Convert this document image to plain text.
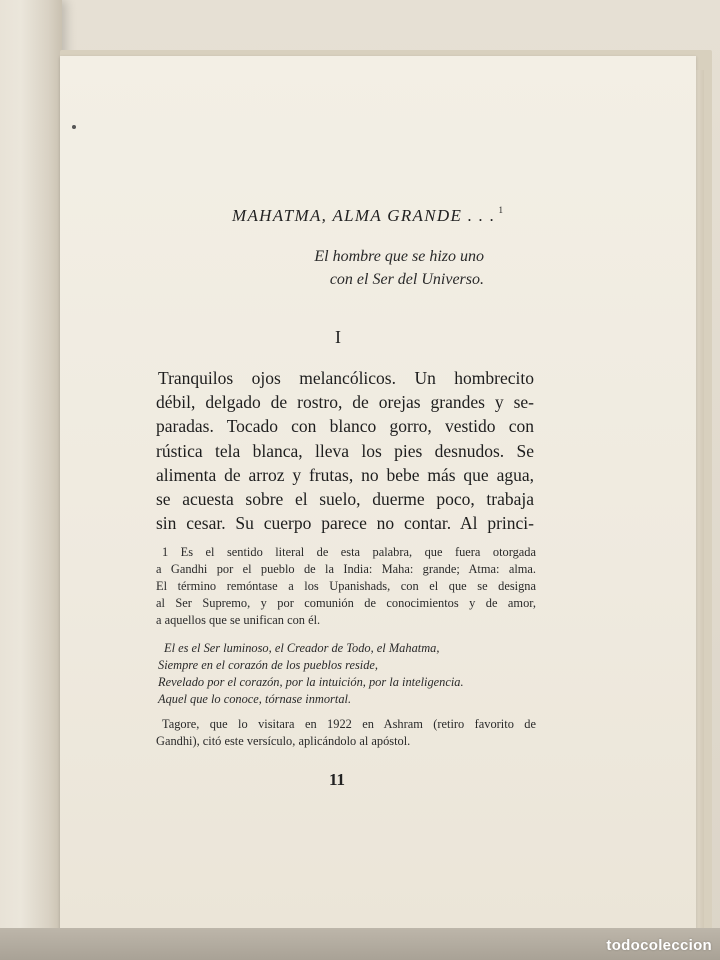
MAHATMA, ALMA GRANDE . . . $^1$
El hombre que se hizo uno
con el Ser del Universo.
I
Tranquilos ojos melancólicos. Un hombrecito
débil, delgado de rostro, de orejas grandes y se-
paradas. Tocado con blanco gorro, vestido con
rústica tela blanca, lleva los pies desnudos. Se
alimenta de arroz y frutas, no bebe más que agua,
se acuesta sobre el suelo, duerme poco, trabaja
sin cesar. Su cuerpo parece no contar. Al princi-
1 Es el sentido literal de esta palabra, que fuera otorgada
a Gandhi por el pueblo de la India: Maha: grande; Atma: alma.
El término remóntase a los Upanishads, con el que se designa
al Ser Supremo, y por comunión de conocimientos y de amor,
a aquellos que se unifican con él.
El es el Ser luminoso, el Creador de Todo, el Mahatma,
Siempre en el corazón de los pueblos reside,
Revelado por el corazón, por la intuición, por la inteligencia.
Aquel que lo conoce, tórnase inmortal.
Tagore, que lo visitara en 1922 en Ashram (retiro favorito de
Gandhi), citó este versículo, aplicándolo al apóstol.
11
todocoleccion
